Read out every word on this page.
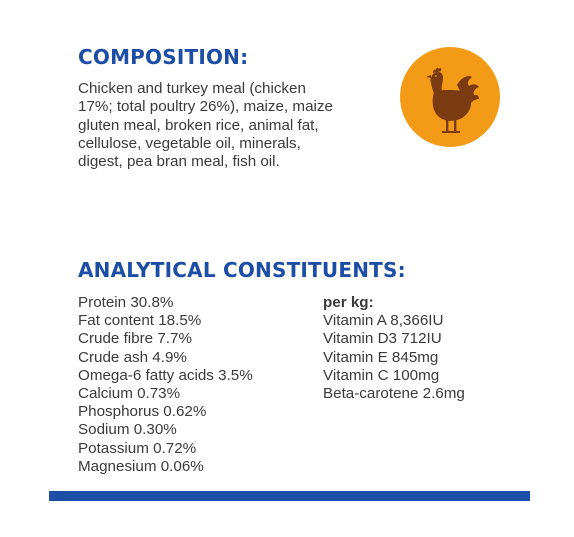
COMPOSITION:

Chicken and turkey meal (chicken 17%; total poultry 26%), maize, maize gluten meal, broken rice, animal fat, cellulose, vegetable oil, minerals, digest, pea bran meal, fish oil.

ANALYTICAL CONSTITUENTS:
Protein 30.8%
Fat content 18.5%
Crude fibre 7.7%
Crude ash 4.9%
Omega-6 fatty acids 3.5%
Calcium 0.73%
Phosphorus 0.62%
Sodium 0.30%
Potassium 0.72%
Magnesium 0.06%
per kg:
Vitamin A 8,366IU
Vitamin D3 712IU
Vitamin E 845mg
Vitamin C 100mg
Beta-carotene 2.6mg
